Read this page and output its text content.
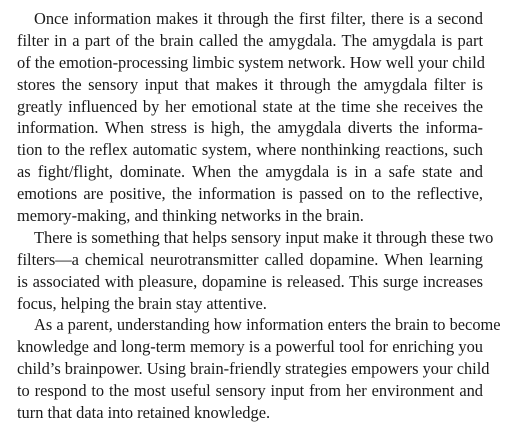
Once information makes it through the first filter, there is a second
filter in a part of the brain called the amygdala. The amygdala is part
of the emotion-processing limbic system network. How well your child
stores the sensory input that makes it through the amygdala filter is
greatly influenced by her emotional state at the time she receives the
information. When stress is high, the amygdala diverts the informa-
tion to the reflex automatic system, where nonthinking reactions, such
as fight/flight, dominate. When the amygdala is in a safe state and
emotions are positive, the information is passed on to the reflective,
memory-making, and thinking networks in the brain.
There is something that helps sensory input make it through these two
filters—a chemical neurotransmitter called dopamine. When learning
is associated with pleasure, dopamine is released. This surge increases
focus, helping the brain stay attentive.
As a parent, understanding how information enters the brain to become
knowledge and long-term memory is a powerful tool for enriching you
child’s brainpower. Using brain-friendly strategies empowers your child
to respond to the most useful sensory input from her environment and
turn that data into retained knowledge.
